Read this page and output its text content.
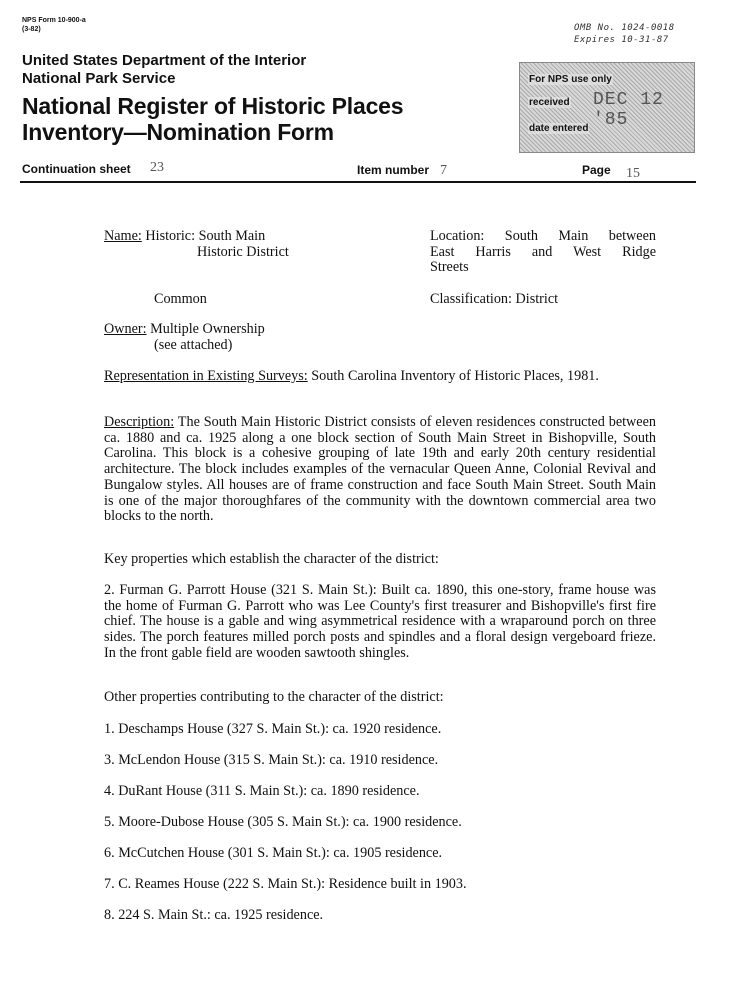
NPS Form 10-900-a
(3-82)	OMB No. 1024-0018
Expires 10-31-87
United States Department of the Interior
National Park Service
National Register of Historic Places
Inventory—Nomination Form
For NPS use only
received DEC 12 '85
date entered
Continuation sheet 23	Item number 7	Page 15
Name: Historic: South Main
Historic District
Location: South Main between
East Harris and West Ridge
Streets
Common	Classification: District
Owner: Multiple Ownership
(see attached)
Representation in Existing Surveys: South Carolina Inventory of Historic Places, 1981.
Description: The South Main Historic District consists of eleven residences constructed between ca. 1880 and ca. 1925 along a one block section of South Main Street in Bishopville, South Carolina. This block is a cohesive grouping of late 19th and early 20th century residential architecture. The block includes examples of the vernacular Queen Anne, Colonial Revival and Bungalow styles. All houses are of frame construction and face South Main Street. South Main is one of the major thoroughfares of the community with the downtown commercial area two blocks to the north.
Key properties which establish the character of the district:
2. Furman G. Parrott House (321 S. Main St.): Built ca. 1890, this one-story, frame house was the home of Furman G. Parrott who was Lee County's first treasurer and Bishopville's first fire chief. The house is a gable and wing asymmetrical residence with a wraparound porch on three sides. The porch features milled porch posts and spindles and a floral design vergeboard frieze. In the front gable field are wooden sawtooth shingles.
Other properties contributing to the character of the district:
1. Deschamps House (327 S. Main St.): ca. 1920 residence.
3. McLendon House (315 S. Main St.): ca. 1910 residence.
4. DuRant House (311 S. Main St.): ca. 1890 residence.
5. Moore-Dubose House (305 S. Main St.): ca. 1900 residence.
6. McCutchen House (301 S. Main St.): ca. 1905 residence.
7. C. Reames House (222 S. Main St.): Residence built in 1903.
8. 224 S. Main St.: ca. 1925 residence.
